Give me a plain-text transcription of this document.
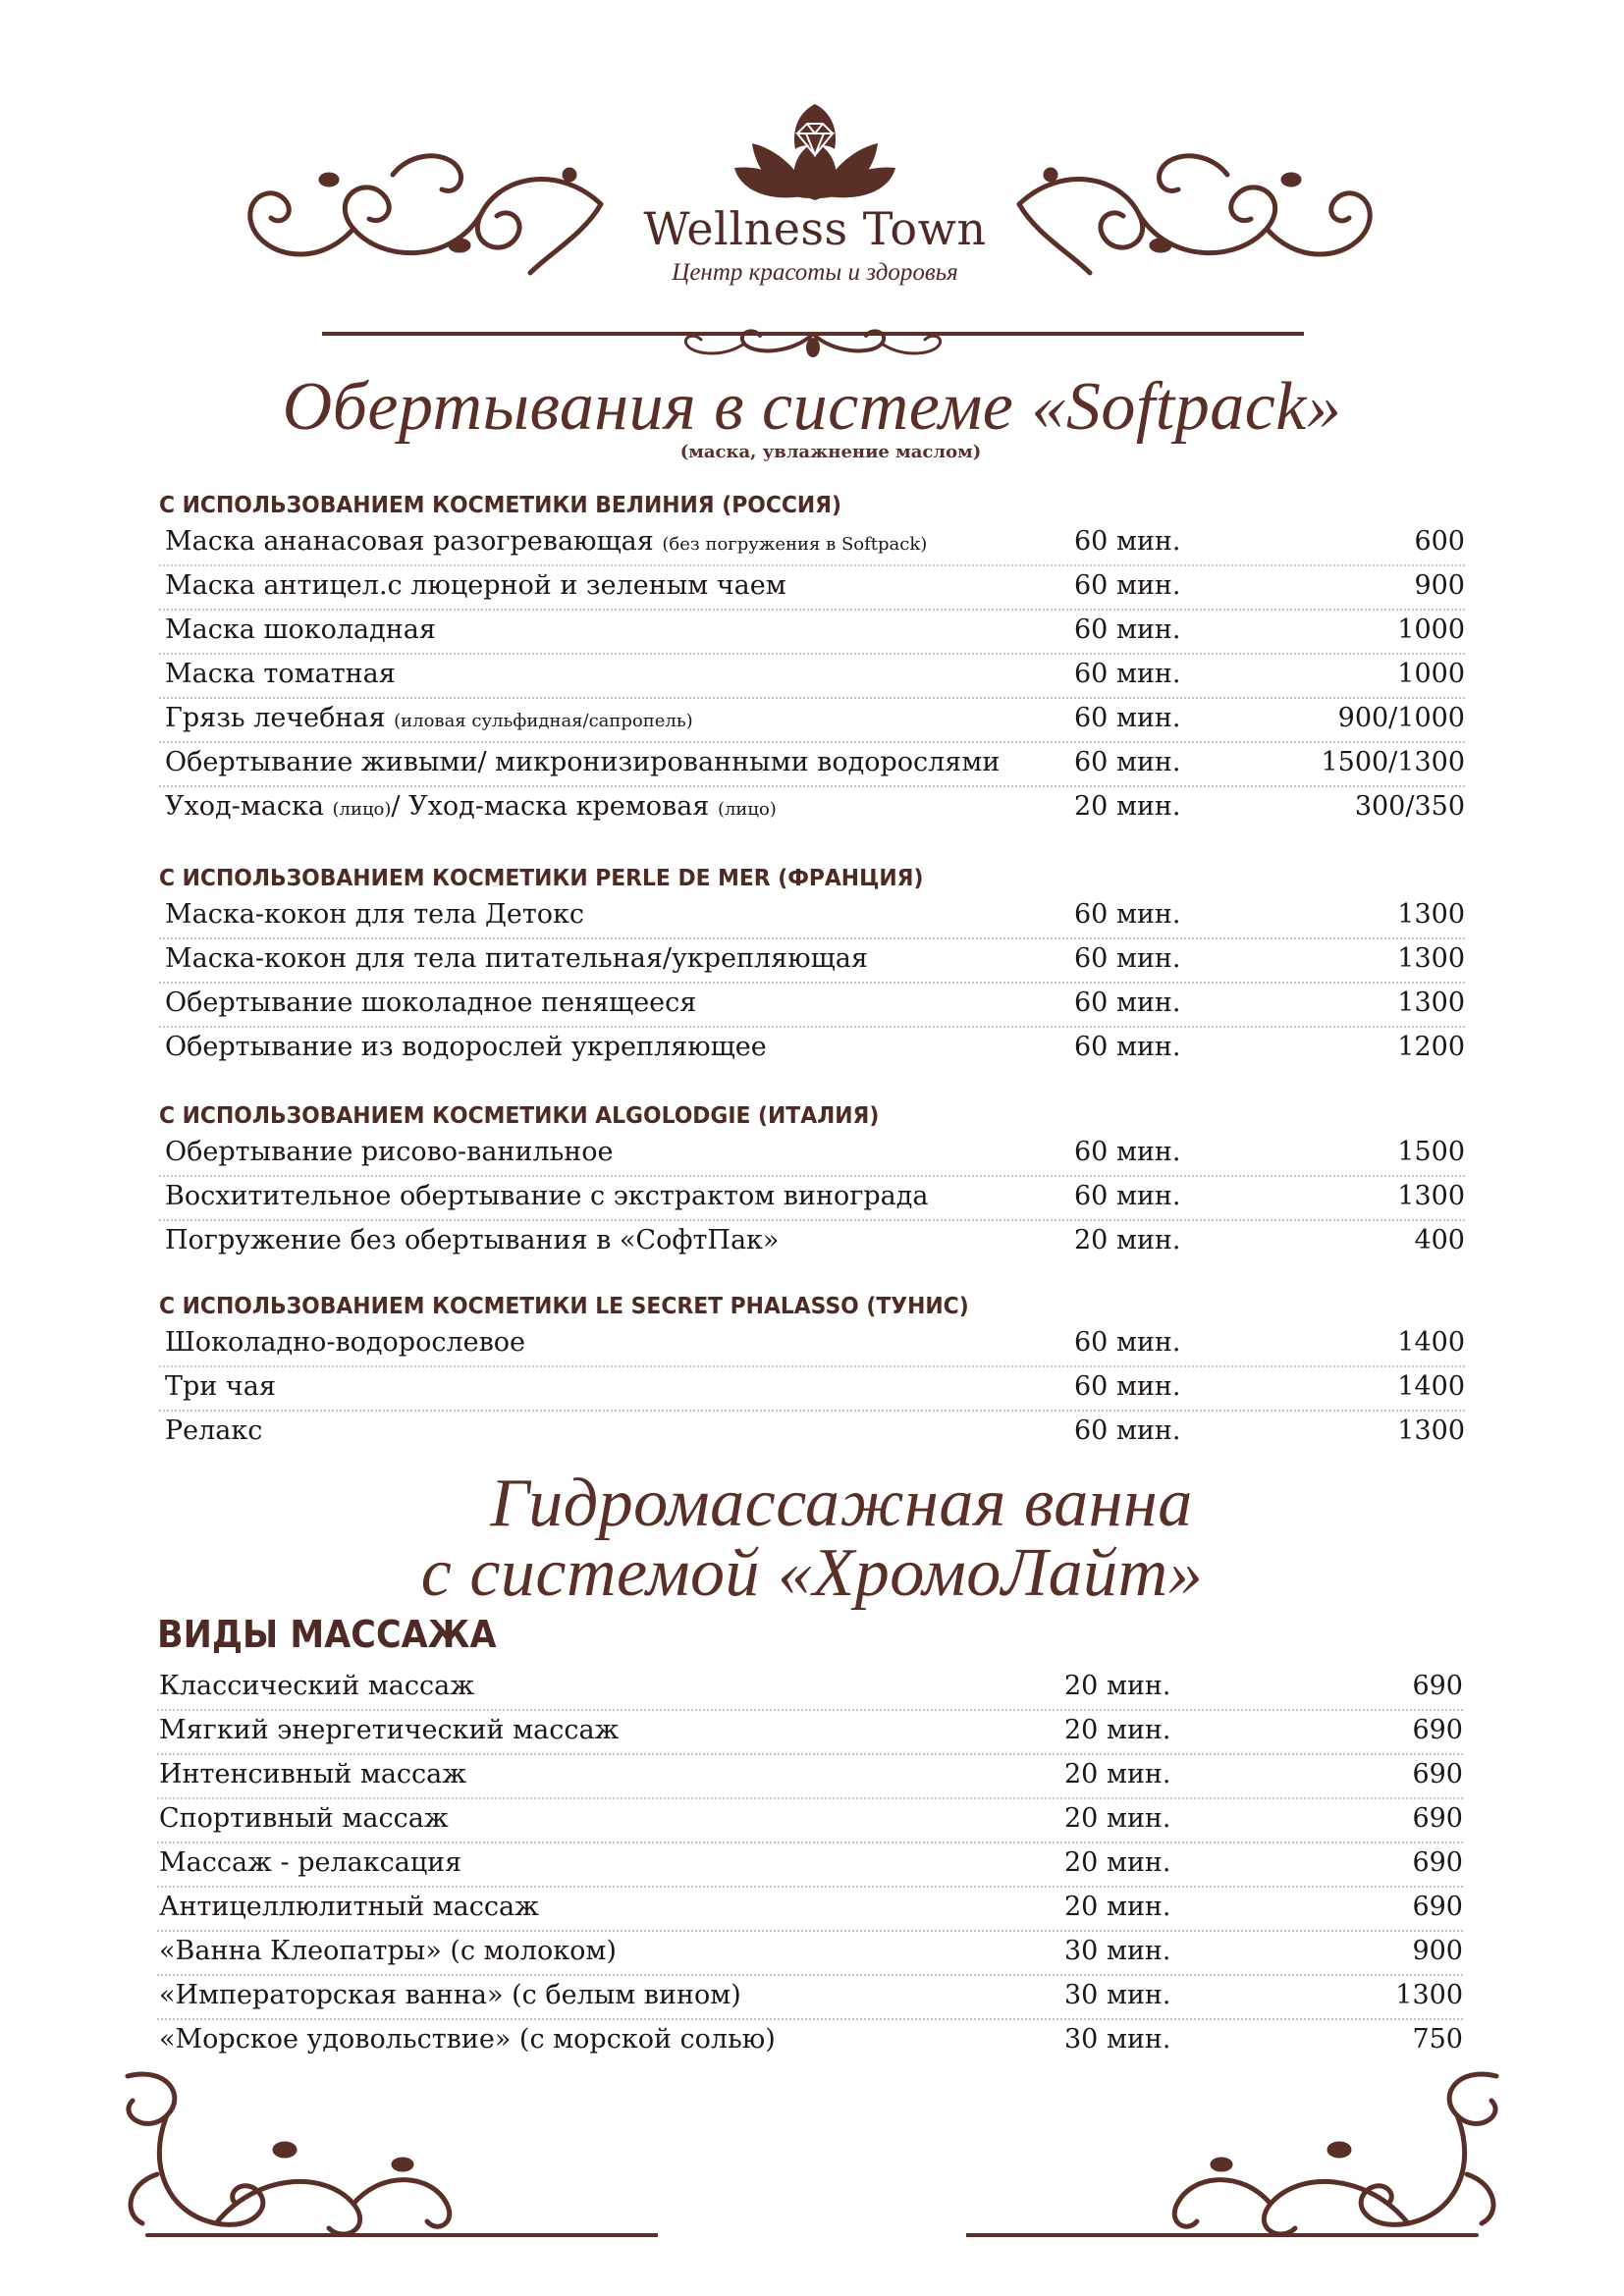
Wellness Town
Центр красоты и здоровья
Обертывания в системе «Softpack»
(маска, увлажнение маслом)
С ИСПОЛЬЗОВАНИЕМ КОСМЕТИКИ ВЕЛИНИЯ (РОССИЯ)
Маска ананасовая разогревающая (без погружения в Softpack)	60 мин.	600
Маска антицел.с люцерной и зеленым чаем	60 мин.	900
Маска шоколадная	60 мин.	1000
Маска томатная	60 мин.	1000
Грязь лечебная (иловая сульфидная/сапропель)	60 мин.	900/1000
Обертывание живыми/ микронизированными водорослями	60 мин.	1500/1300
Уход-маска (лицо)/ Уход-маска кремовая (лицо)	20 мин.	300/350
С ИСПОЛЬЗОВАНИЕМ КОСМЕТИКИ PERLE DE MER (ФРАНЦИЯ)
Маска-кокон для тела Детокс	60 мин.	1300
Маска-кокон для тела питательная/укрепляющая	60 мин.	1300
Обертывание шоколадное пенящееся	60 мин.	1300
Обертывание из водорослей укрепляющее	60 мин.	1200
С ИСПОЛЬЗОВАНИЕМ КОСМЕТИКИ ALGOLODGIE (ИТАЛИЯ)
Обертывание рисово-ванильное	60 мин.	1500
Восхитительное обертывание с экстрактом винограда	60 мин.	1300
Погружение без обертывания в «СофтПак»	20 мин.	400
С ИСПОЛЬЗОВАНИЕМ КОСМЕТИКИ LE SECRET PHALASSO (ТУНИС)
Шоколадно-водорослевое	60 мин.	1400
Три чая	60 мин.	1400
Релакс	60 мин.	1300
Гидромассажная ванна
с системой «ХромоЛайт»
ВИДЫ МАССАЖА
Классический массаж	20 мин.	690
Мягкий энергетический массаж	20 мин.	690
Интенсивный массаж	20 мин.	690
Спортивный массаж	20 мин.	690
Массаж - релаксация	20 мин.	690
Антицеллюлитный массаж	20 мин.	690
«Ванна Клеопатры» (с молоком)	30 мин.	900
«Императорская ванна» (с белым вином)	30 мин.	1300
«Морское удовольствие» (с морской солью)	30 мин.	750
